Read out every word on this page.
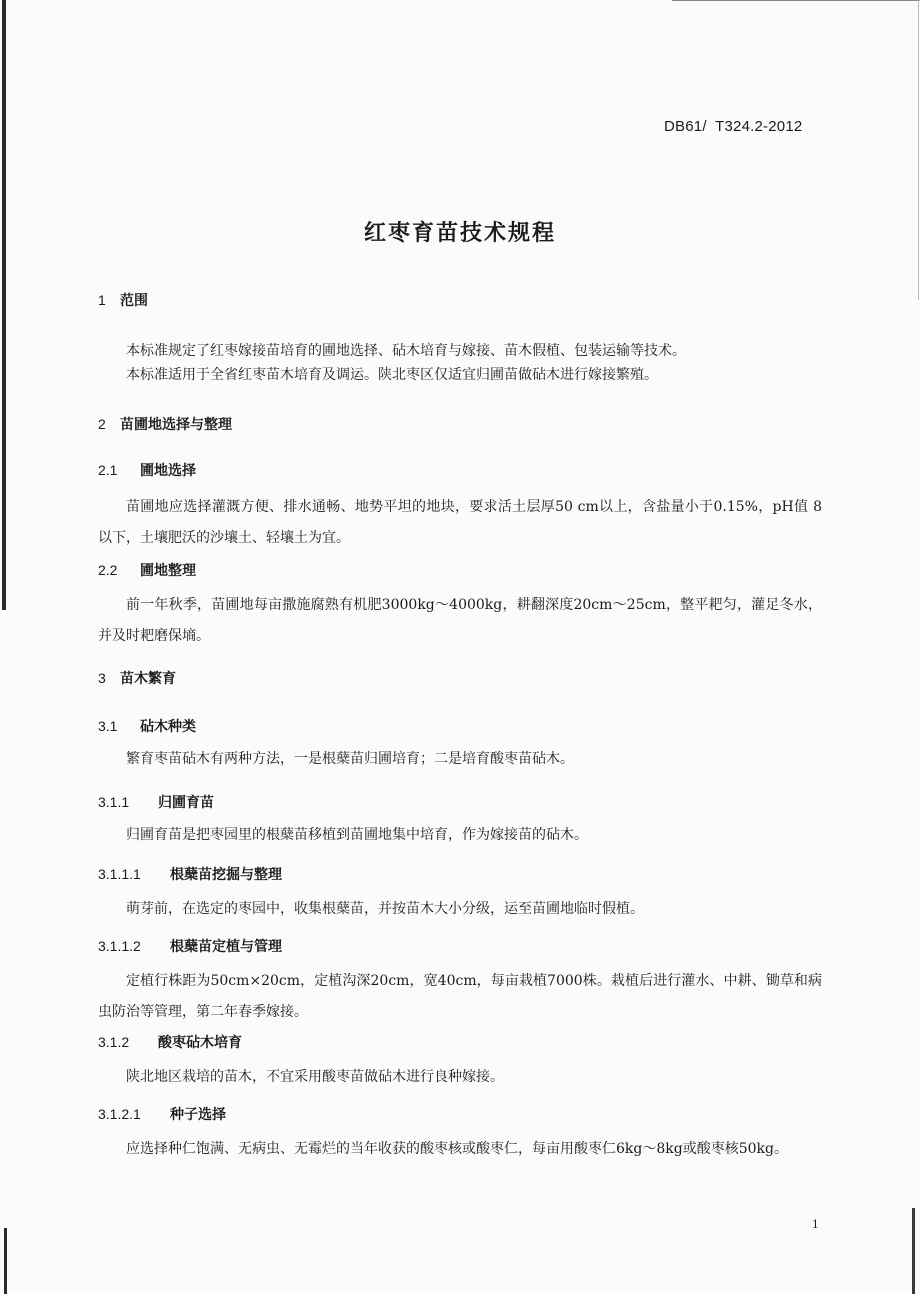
DB61/  T324.2-2012
红枣育苗技术规程
1	范围
本标准规定了红枣嫁接苗培育的圃地选择、砧木培育与嫁接、苗木假植、包装运输等技术。
本标准适用于全省红枣苗木培育及调运。陕北枣区仅适宜归圃苗做砧木进行嫁接繁殖。
2	苗圃地选择与整理
2.1	圃地选择
苗圃地应选择灌溉方便、排水通畅、地势平坦的地块，要求活土层厚50 cm以上，含盐量小于0.15%，pH值 8以下，土壤肥沃的沙壤土、轻壤土为宜。
2.2	圃地整理
前一年秋季，苗圃地每亩撒施腐熟有机肥3000kg～4000kg，耕翻深度20cm～25cm，整平耙匀，灌足冬水，并及时耙磨保墒。
3	苗木繁育
3.1	砧木种类
繁育枣苗砧木有两种方法，一是根蘖苗归圃培育；二是培育酸枣苗砧木。
3.1.1	归圃育苗
归圃育苗是把枣园里的根蘖苗移植到苗圃地集中培育，作为嫁接苗的砧木。
3.1.1.1	根蘖苗挖掘与整理
萌芽前，在选定的枣园中，收集根蘖苗，并按苗木大小分级，运至苗圃地临时假植。
3.1.1.2	根蘖苗定植与管理
定植行株距为50cm×20cm，定植沟深20cm，宽40cm，每亩栽植7000株。栽植后进行灌水、中耕、锄草和病虫防治等管理，第二年春季嫁接。
3.1.2	酸枣砧木培育
陕北地区栽培的苗木，不宜采用酸枣苗做砧木进行良种嫁接。
3.1.2.1	种子选择
应选择种仁饱满、无病虫、无霉烂的当年收获的酸枣核或酸枣仁，每亩用酸枣仁6kg～8kg或酸枣核50kg。
1
